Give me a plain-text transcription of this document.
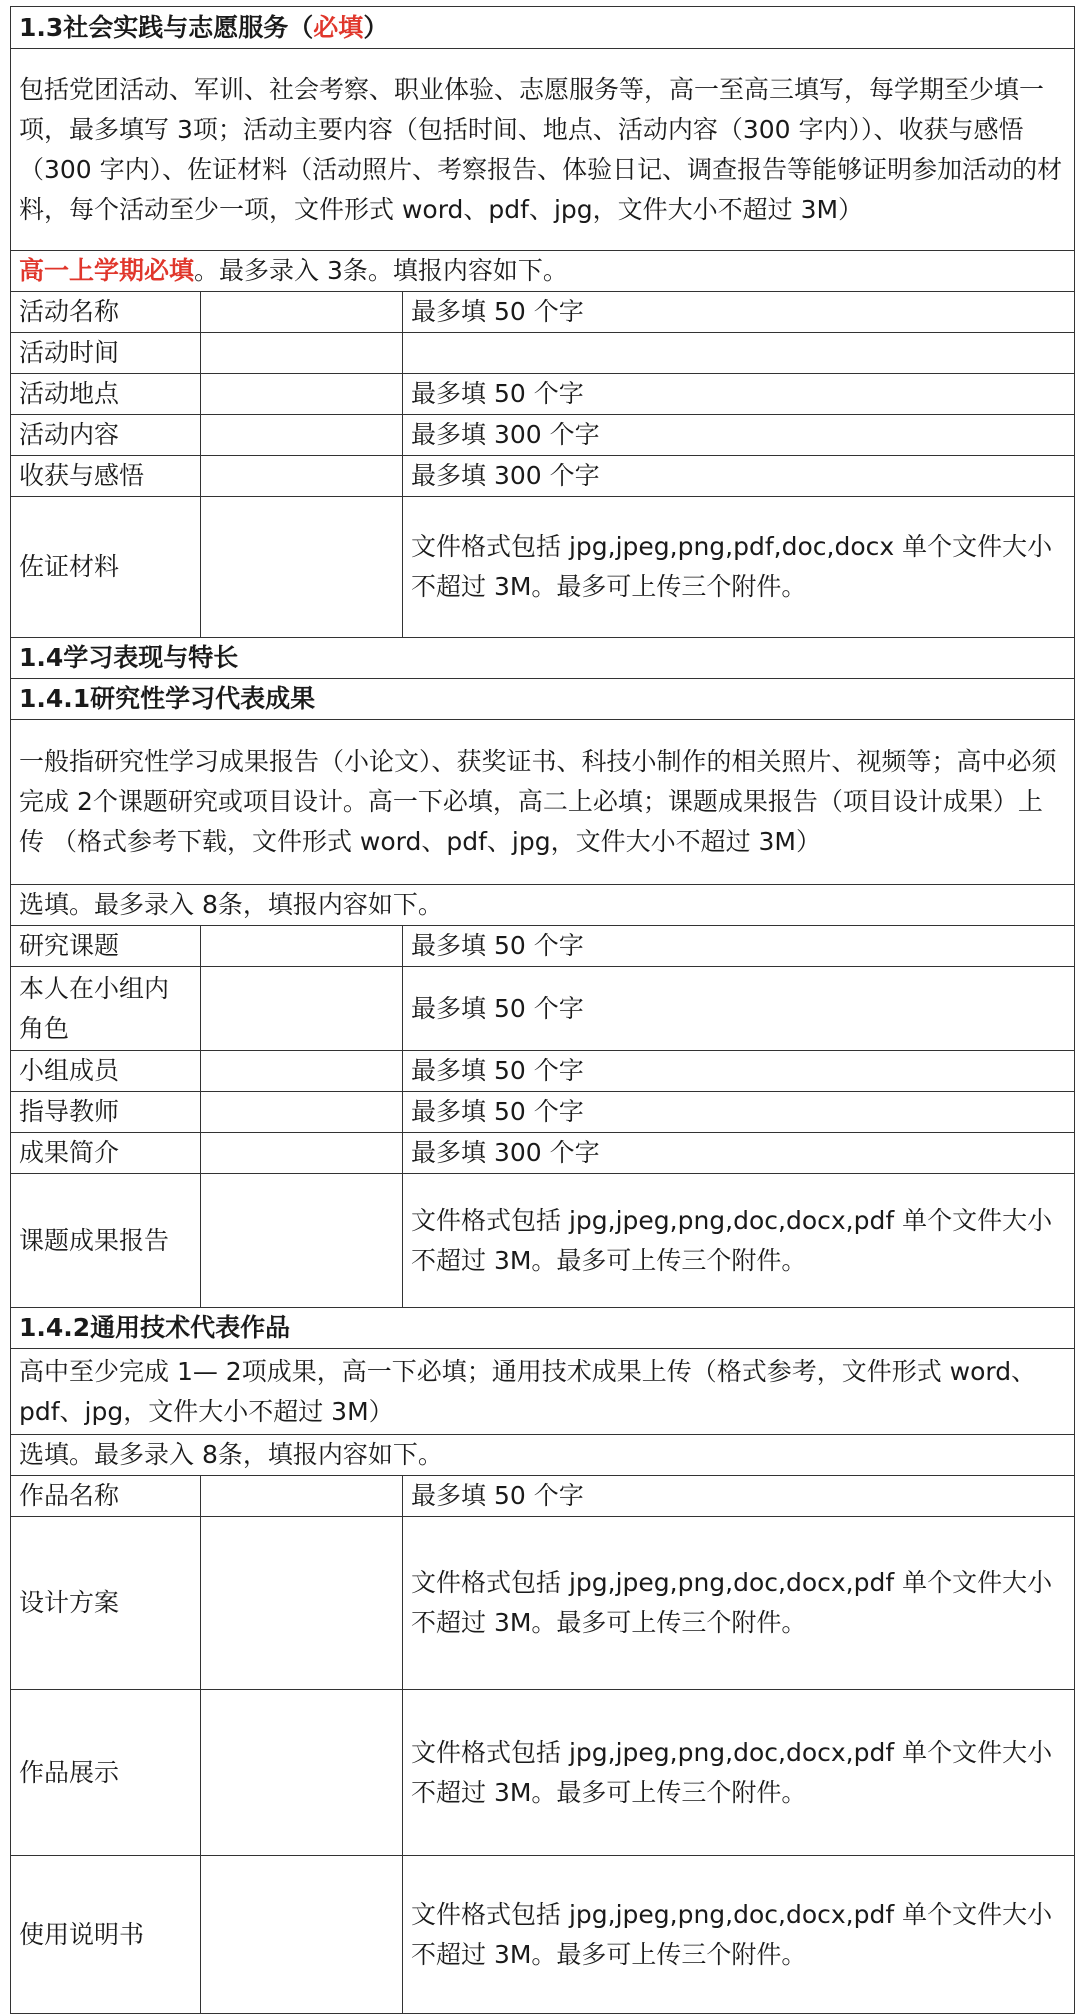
1.3社会实践与志愿服务（必填）		
包括党团活动、军训、社会考察、职业体验、志愿服务等，高一至高三填写，每学期至少填一项，最多填写 3项；活动主要内容（包括时间、地点、活动内容（300 字内））、收获与感悟（300 字内）、佐证材料（活动照片、考察报告、体验日记、调查报告等能够证明参加活动的材料，每个活动至少一项，文件形式 word、pdf、jpg，文件大小不超过 3M）		
高一上学期必填。最多录入 3条。填报内容如下。		
活动名称		最多填 50 个字
活动时间		
活动地点		最多填 50 个字
活动内容		最多填 300 个字
收获与感悟		最多填 300 个字
佐证材料		文件格式包括 jpg,jpeg,png,pdf,doc,docx 单个文件大小不超过 3M。最多可上传三个附件。
1.4学习表现与特长		
1.4.1研究性学习代表成果		
一般指研究性学习成果报告（小论文）、获奖证书、科技小制作的相关照片、视频等；高中必须完成 2个课题研究或项目设计。高一下必填，高二上必填；课题成果报告（项目设计成果）上传 （格式参考下载，文件形式 word、pdf、jpg，文件大小不超过 3M）		
选填。最多录入 8条，填报内容如下。		
研究课题		最多填 50 个字
本人在小组内角色		最多填 50 个字
小组成员		最多填 50 个字
指导教师		最多填 50 个字
成果简介		最多填 300 个字
课题成果报告		文件格式包括 jpg,jpeg,png,doc,docx,pdf 单个文件大小不超过 3M。最多可上传三个附件。
1.4.2通用技术代表作品		
高中至少完成 1— 2项成果，高一下必填；通用技术成果上传（格式参考，文件形式 word、pdf、jpg，文件大小不超过 3M）		
选填。最多录入 8条，填报内容如下。		
作品名称		最多填 50 个字
设计方案		文件格式包括 jpg,jpeg,png,doc,docx,pdf 单个文件大小不超过 3M。最多可上传三个附件。
作品展示		文件格式包括 jpg,jpeg,png,doc,docx,pdf 单个文件大小不超过 3M。最多可上传三个附件。
使用说明书		文件格式包括 jpg,jpeg,png,doc,docx,pdf 单个文件大小不超过 3M。最多可上传三个附件。
